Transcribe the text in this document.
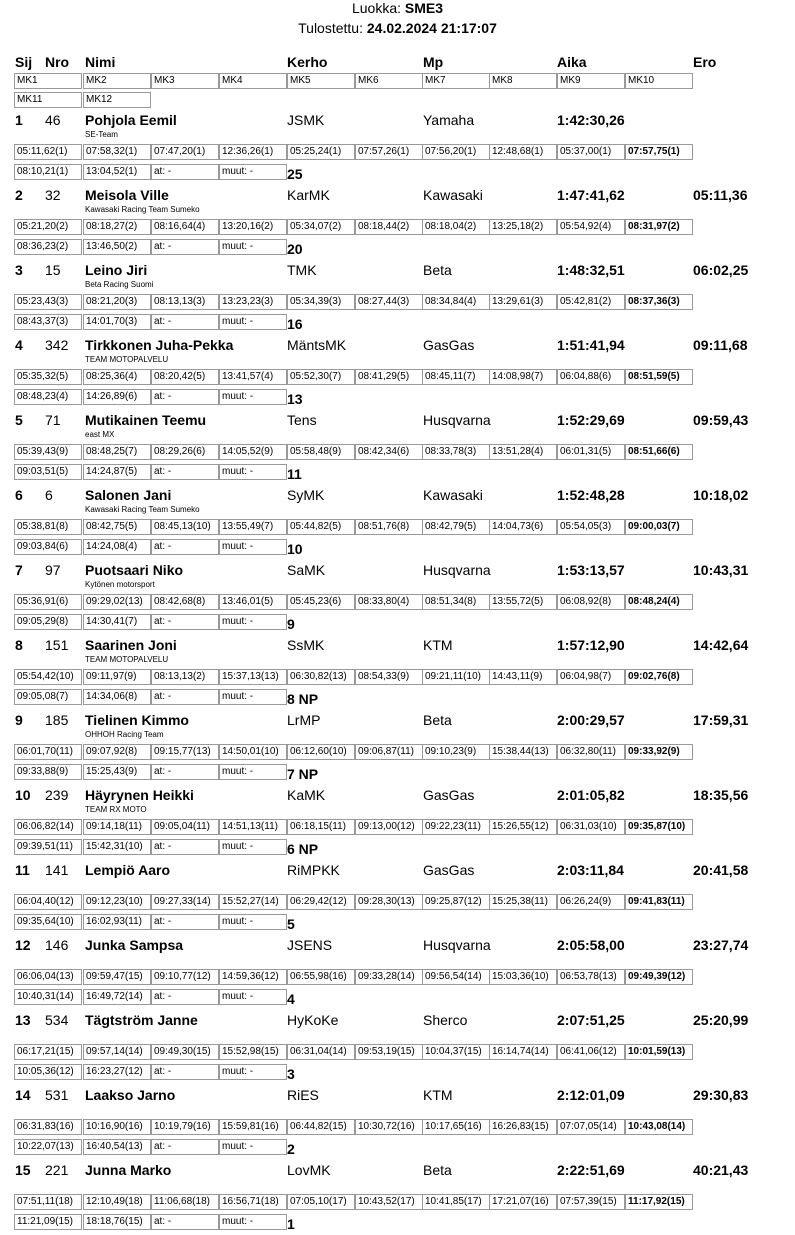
Luokka: SME3
Tulostettu: 24.02.2024 21:17:07
Sij Nro Nimi	Kerho	Mp	Aika	Ero
MK1	MK2	MK3	MK4	MK5	MK6	MK7	MK8	MK9	MK10
MK11	MK12
1 46 Pohjola Eemil	JSMK	Yamaha	1:42:30,26
SE-Team
05:11,62(1)	07:58,32(1)	07:47,20(1)	12:36,26(1)	05:25,24(1)	07:57,26(1)	07:56,20(1)	12:48,68(1)	05:37,00(1)	07:57,75(1)
08:10,21(1)	13:04,52(1)	at: -	muut: -	25
2 32 Meisola Ville	KarMK	Kawasaki	1:47:41,62	05:11,36
Kawasaki Racing Team Sumeko
05:21,20(2)	08:18,27(2)	08:16,64(4)	13:20,16(2)	05:34,07(2)	08:18,44(2)	08:18,04(2)	13:25,18(2)	05:54,92(4)	08:31,97(2)
08:36,23(2)	13:46,50(2)	at: -	muut: -	20
3 15 Leino Jiri	TMK	Beta	1:48:32,51	06:02,25
Beta Racing Suomi
05:23,43(3)	08:21,20(3)	08:13,13(3)	13:23,23(3)	05:34,39(3)	08:27,44(3)	08:34,84(4)	13:29,61(3)	05:42,81(2)	08:37,36(3)
08:43,37(3)	14:01,70(3)	at: -	muut: -	16
4 342 Tirkkonen Juha-Pekka	MäntsMK	GasGas	1:51:41,94	09:11,68
TEAM MOTOPALVELU
05:35,32(5)	08:25,36(4)	08:20,42(5)	13:41,57(4)	05:52,30(7)	08:41,29(5)	08:45,11(7)	14:08,98(7)	06:04,88(6)	08:51,59(5)
08:48,23(4)	14:26,89(6)	at: -	muut: -	13
5 71 Mutikainen Teemu	Tens	Husqvarna	1:52:29,69	09:59,43
east MX
05:39,43(9)	08:48,25(7)	08:29,26(6)	14:05,52(9)	05:58,48(9)	08:42,34(6)	08:33,78(3)	13:51,28(4)	06:01,31(5)	08:51,66(6)
09:03,51(5)	14:24,87(5)	at: -	muut: -	11
6 6 Salonen Jani	SyMK	Kawasaki	1:52:48,28	10:18,02
Kawasaki Racing Team Sumeko
05:38,81(8)	08:42,75(5)	08:45,13(10)	13:55,49(7)	05:44,82(5)	08:51,76(8)	08:42,79(5)	14:04,73(6)	05:54,05(3)	09:00,03(7)
09:03,84(6)	14:24,08(4)	at: -	muut: -	10
7 97 Puotsaari Niko	SaMK	Husqvarna	1:53:13,57	10:43,31
Kytönen motorsport
05:36,91(6)	09:29,02(13)	08:42,68(8)	13:46,01(5)	05:45,23(6)	08:33,80(4)	08:51,34(8)	13:55,72(5)	06:08,92(8)	08:48,24(4)
09:05,29(8)	14:30,41(7)	at: -	muut: -	9
8 151 Saarinen Joni	SsMK	KTM	1:57:12,90	14:42,64
TEAM MOTOPALVELU
05:54,42(10)	09:11,97(9)	08:13,13(2)	15:37,13(13)	06:30,82(13)	08:54,33(9)	09:21,11(10)	14:43,11(9)	06:04,98(7)	09:02,76(8)
09:05,08(7)	14:34,06(8)	at: -	muut: -	8 NP
9 185 Tielinen Kimmo	LrMP	Beta	2:00:29,57	17:59,31
OHHOH Racing Team
06:01,70(11)	09:07,92(8)	09:15,77(13)	14:50,01(10)	06:12,60(10)	09:06,87(11)	09:10,23(9)	15:38,44(13)	06:32,80(11)	09:33,92(9)
09:33,88(9)	15:25,43(9)	at: -	muut: -	7 NP
10 239 Häyrynen Heikki	KaMK	GasGas	2:01:05,82	18:35,56
TEAM RX MOTO
06:06,82(14)	09:14,18(11)	09:05,04(11)	14:51,13(11)	06:18,15(11)	09:13,00(12)	09:22,23(11)	15:26,55(12)	06:31,03(10)	09:35,87(10)
09:39,51(11)	15:42,31(10)	at: -	muut: -	6 NP
11 141 Lempiö Aaro	RiMPKK	GasGas	2:03:11,84	20:41,58
06:04,40(12)	09:12,23(10)	09:27,33(14)	15:52,27(14)	06:29,42(12)	09:28,30(13)	09:25,87(12)	15:25,38(11)	06:26,24(9)	09:41,83(11)
09:35,64(10)	16:02,93(11)	at: -	muut: -	5
12 146 Junka Sampsa	JSENS	Husqvarna	2:05:58,00	23:27,74
06:06,04(13)	09:59,47(15)	09:10,77(12)	14:59,36(12)	06:55,98(16)	09:33,28(14)	09:56,54(14)	15:03,36(10)	06:53,78(13)	09:49,39(12)
10:40,31(14)	16:49,72(14)	at: -	muut: -	4
13 534 Tägtström Janne	HyKoKe	Sherco	2:07:51,25	25:20,99
06:17,21(15)	09:57,14(14)	09:49,30(15)	15:52,98(15)	06:31,04(14)	09:53,19(15)	10:04,37(15)	16:14,74(14)	06:41,06(12)	10:01,59(13)
10:05,36(12)	16:23,27(12)	at: -	muut: -	3
14 531 Laakso Jarno	RiES	KTM	2:12:01,09	29:30,83
06:31,83(16)	10:16,90(16)	10:19,79(16)	15:59,81(16)	06:44,82(15)	10:30,72(16)	10:17,65(16)	16:26,83(15)	07:07,05(14)	10:43,08(14)
10:22,07(13)	16:40,54(13)	at: -	muut: -	2
15 221 Junna Marko	LovMK	Beta	2:22:51,69	40:21,43
07:51,11(18)	12:10,49(18)	11:06,68(18)	16:56,71(18)	07:05,10(17)	10:43,52(17)	10:41,85(17)	17:21,07(16)	07:57,39(15)	11:17,92(15)
11:21,09(15)	18:18,76(15)	at: -	muut: -	1
